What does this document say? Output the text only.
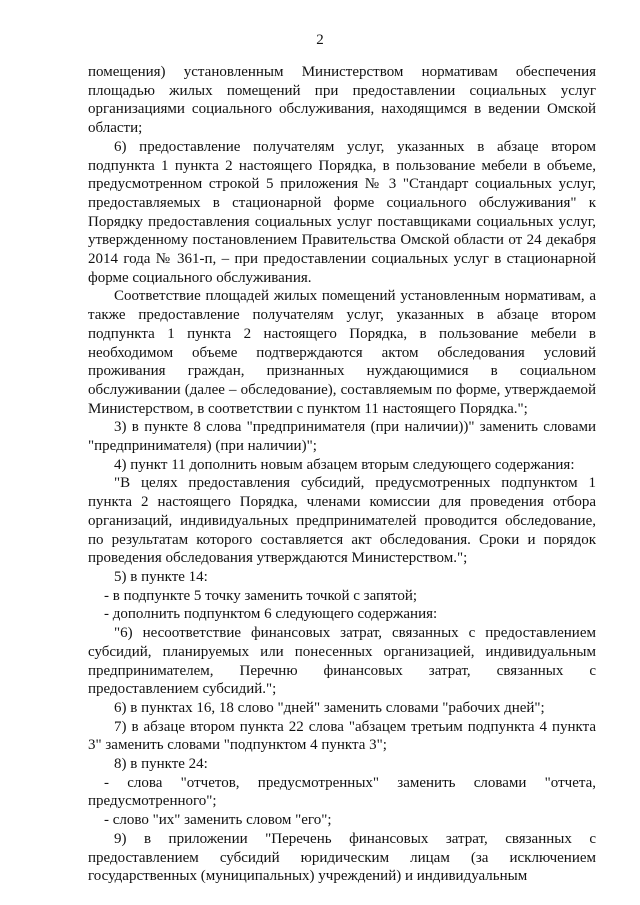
2

помещения) установленным Министерством нормативам обеспечения площадью жилых помещений при предоставлении социальных услуг организациями социального обслуживания, находящимся в ведении Омской области;

6) предоставление получателям услуг, указанных в абзаце втором подпункта 1 пункта 2 настоящего Порядка, в пользование мебели в объеме, предусмотренном строкой 5 приложения № 3 "Стандарт социальных услуг, предоставляемых в стационарной форме социального обслуживания" к Порядку предоставления социальных услуг поставщиками социальных услуг, утвержденному постановлением Правительства Омской области от 24 декабря 2014 года № 361-п, – при предоставлении социальных услуг в стационарной форме социального обслуживания.

Соответствие площадей жилых помещений установленным нормативам, а также предоставление получателям услуг, указанных в абзаце втором подпункта 1 пункта 2 настоящего Порядка, в пользование мебели в необходимом объеме подтверждаются актом обследования условий проживания граждан, признанных нуждающимися в социальном обслуживании (далее – обследование), составляемым по форме, утверждаемой Министерством, в соответствии с пунктом 11 настоящего Порядка.";

3) в пункте 8 слова "предпринимателя (при наличии))" заменить словами "предпринимателя) (при наличии)";

4) пункт 11 дополнить новым абзацем вторым следующего содержания:

"В целях предоставления субсидий, предусмотренных подпунктом 1 пункта 2 настоящего Порядка, членами комиссии для проведения отбора организаций, индивидуальных предпринимателей проводится обследование, по результатам которого составляется акт обследования. Сроки и порядок проведения обследования утверждаются Министерством.";

5) в пункте 14:

- в подпункте 5 точку заменить точкой с запятой;

- дополнить подпунктом 6 следующего содержания:

"6) несоответствие финансовых затрат, связанных с предоставлением субсидий, планируемых или понесенных организацией, индивидуальным предпринимателем, Перечню финансовых затрат, связанных с предоставлением субсидий.";

6) в пунктах 16, 18 слово "дней" заменить словами "рабочих дней";

7) в абзаце втором пункта 22 слова "абзацем третьим подпункта 4 пункта 3" заменить словами "подпунктом 4 пункта 3";

8) в пункте 24:

- слова "отчетов, предусмотренных" заменить словами "отчета, предусмотренного";

- слово "их" заменить словом "его";

9) в приложении "Перечень финансовых затрат, связанных с предоставлением субсидий юридическим лицам (за исключением государственных (муниципальных) учреждений) и индивидуальным
